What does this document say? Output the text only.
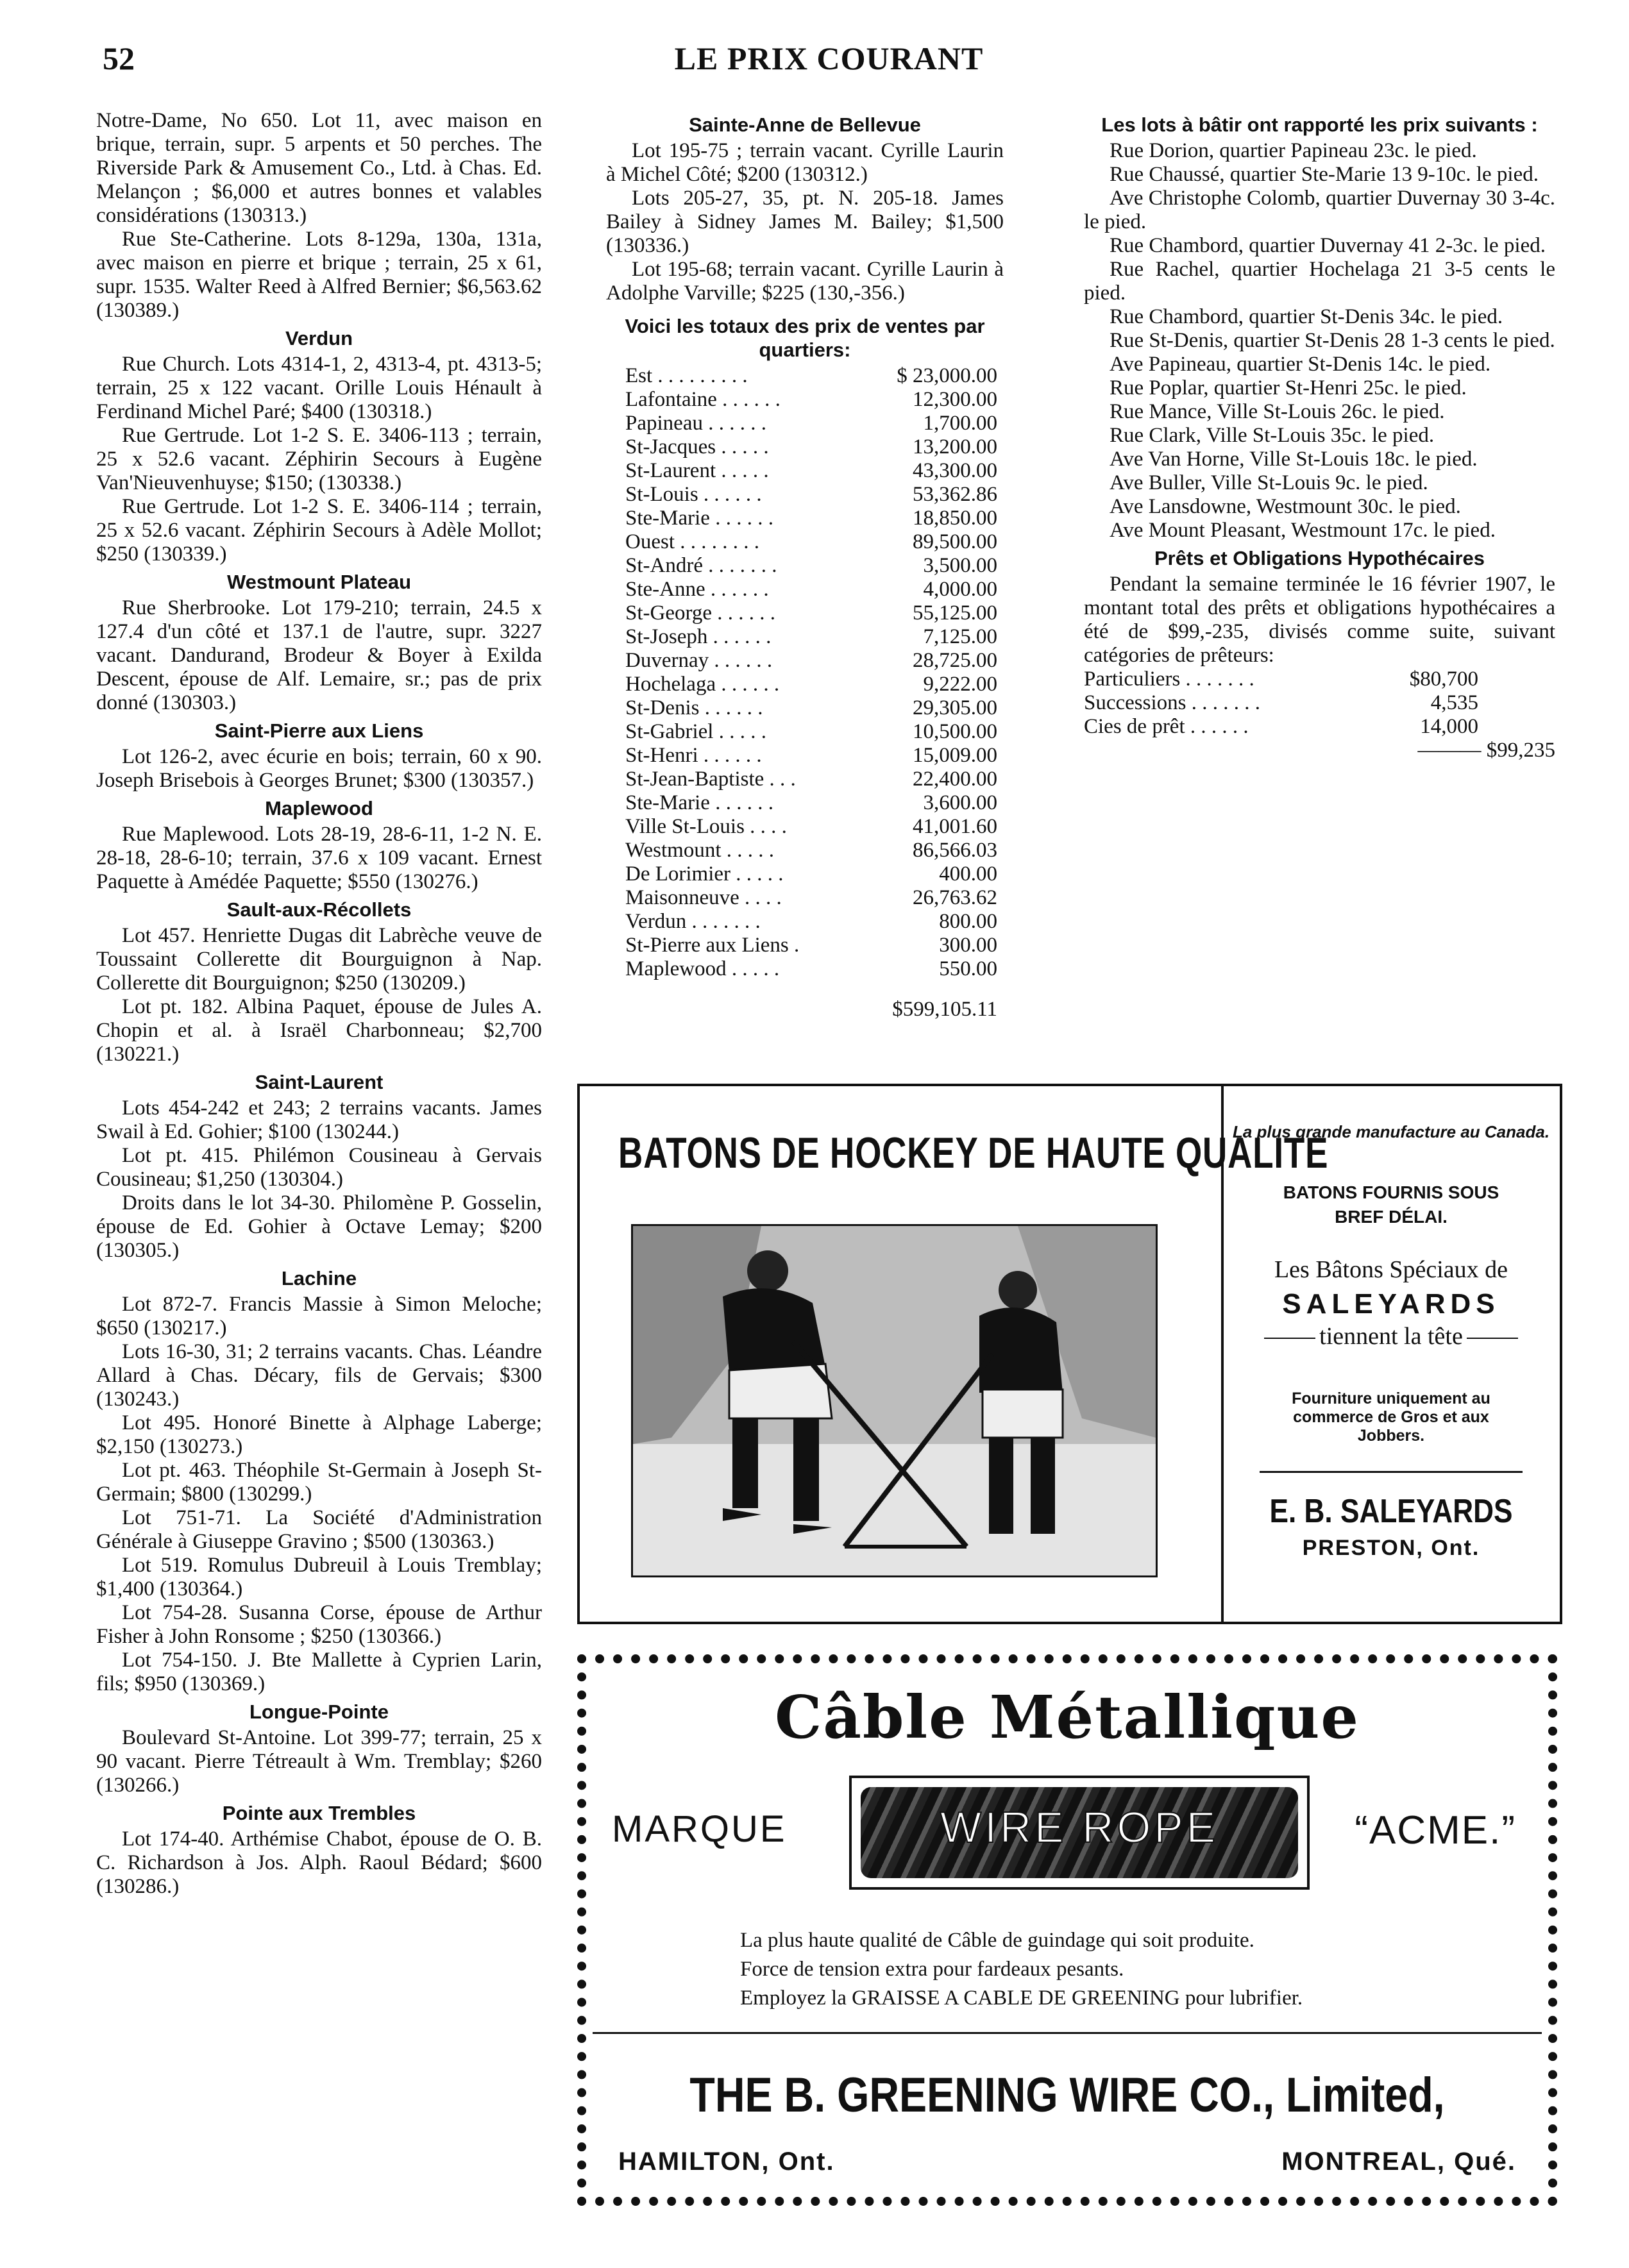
52	LE PRIX COURANT

Notre-Dame, No 650. Lot 11, avec maison en brique, terrain, supr. 5 arpents et 50 perches. The Riverside Park & Amusement Co., Ltd. à Chas. Ed. Melançon ; $6,000 et autres bonnes et valables considérations (130313.)

Rue Ste-Catherine. Lots 8-129a, 130a, 131a, avec maison en pierre et brique ; terrain, 25 x 61, supr. 1535. Walter Reed à Alfred Bernier; $6,563.62 (130389.)

Verdun

Rue Church. Lots 4314-1, 2, 4313-4, pt. 4313-5; terrain, 25 x 122 vacant. Orille Louis Hénault à Ferdinand Michel Paré; $400 (130318.)

Rue Gertrude. Lot 1-2 S. E. 3406-113 ; terrain, 25 x 52.6 vacant. Zéphirin Secours à Eugène Van'Nieuvenhuyse; $150; (130338.)

Rue Gertrude. Lot 1-2 S. E. 3406-114 ; terrain, 25 x 52.6 vacant. Zéphirin Secours à Adèle Mollot; $250 (130339.)

Westmount Plateau

Rue Sherbrooke. Lot 179-210; terrain, 24.5 x 127.4 d'un côté et 137.1 de l'autre, supr. 3227 vacant. Dandurand, Brodeur & Boyer à Exilda Descent, épouse de Alf. Lemaire, sr.; pas de prix donné (130303.)

Saint-Pierre aux Liens

Lot 126-2, avec écurie en bois; terrain, 60 x 90. Joseph Brisebois à Georges Brunet; $300 (130357.)

Maplewood

Rue Maplewood. Lots 28-19, 28-6-11, 1-2 N. E. 28-18, 28-6-10; terrain, 37.6 x 109 vacant. Ernest Paquette à Amédée Paquette; $550 (130276.)

Sault-aux-Récollets

Lot 457. Henriette Dugas dit Labrèche veuve de Toussaint Collerette dit Bourguignon à Nap. Collerette dit Bourguignon; $250 (130209.)

Lot pt. 182. Albina Paquet, épouse de Jules A. Chopin et al. à Israël Charbonneau; $2,700 (130221.)

Saint-Laurent

Lots 454-242 et 243; 2 terrains vacants. James Swail à Ed. Gohier; $100 (130244.)

Lot pt. 415. Philémon Cousineau à Gervais Cousineau; $1,250 (130304.)

Droits dans le lot 34-30. Philomène P. Gosselin, épouse de Ed. Gohier à Octave Lemay; $200 (130305.)

Lachine

Lot 872-7. Francis Massie à Simon Meloche; $650 (130217.)

Lots 16-30, 31; 2 terrains vacants. Chas. Léandre Allard à Chas. Décary, fils de Gervais; $300 (130243.)

Lot 495. Honoré Binette à Alphage Laberge; $2,150 (130273.)

Lot pt. 463. Théophile St-Germain à Joseph St-Germain; $800 (130299.)

Lot 751-71. La Société d'Administration Générale à Giuseppe Gravino ; $500 (130363.)

Lot 519. Romulus Dubreuil à Louis Tremblay; $1,400 (130364.)

Lot 754-28. Susanna Corse, épouse de Arthur Fisher à John Ronsome ; $250 (130366.)

Lot 754-150. J. Bte Mallette à Cyprien Larin, fils; $950 (130369.)

Longue-Pointe

Boulevard St-Antoine. Lot 399-77; terrain, 25 x 90 vacant. Pierre Tétreault à Wm. Tremblay; $260 (130266.)

Pointe aux Trembles

Lot 174-40. Arthémise Chabot, épouse de O. B. C. Richardson à Jos. Alph. Raoul Bédard; $600 (130286.)

Sainte-Anne de Bellevue

Lot 195-75 ; terrain vacant. Cyrille Laurin à Michel Côté; $200 (130312.)

Lots 205-27, 35, pt. N. 205-18. James Bailey à Sidney James M. Bailey; $1,500 (130336.)

Lot 195-68; terrain vacant. Cyrille Laurin à Adolphe Varville; $225 (130,-356.)

Voici les totaux des prix de ventes par quartiers:
Est . . . . . . . . .	$ 23,000.00
Lafontaine . . . . . .	12,300.00
Papineau . . . . . .	1,700.00
St-Jacques . . . . .	13,200.00
St-Laurent . . . . .	43,300.00
St-Louis . . . . . .	53,362.86
Ste-Marie . . . . . .	18,850.00
Ouest . . . . . . . .	89,500.00
St-André . . . . . . .	3,500.00
Ste-Anne . . . . . .	4,000.00
St-George . . . . . .	55,125.00
St-Joseph . . . . . .	7,125.00
Duvernay . . . . . .	28,725.00
Hochelaga . . . . . .	9,222.00
St-Denis . . . . . .	29,305.00
St-Gabriel . . . . .	10,500.00
St-Henri . . . . . .	15,009.00
St-Jean-Baptiste . . .	22,400.00
Ste-Marie . . . . . .	3,600.00
Ville St-Louis . . . .	41,001.60
Westmount . . . . .	86,566.03
De Lorimier . . . . .	400.00
Maisonneuve . . . .	26,763.62
Verdun . . . . . . .	800.00
St-Pierre aux Liens .	300.00
Maplewood . . . . .	550.00
$599,105.11
Les lots à bâtir ont rapporté les prix suivants :

Rue Dorion, quartier Papineau 23c. le pied.

Rue Chaussé, quartier Ste-Marie 13 9-10c. le pied.

Ave Christophe Colomb, quartier Duvernay 30 3-4c. le pied.

Rue Chambord, quartier Duvernay 41 2-3c. le pied.

Rue Rachel, quartier Hochelaga 21 3-5 cents le pied.

Rue Chambord, quartier St-Denis 34c. le pied.

Rue St-Denis, quartier St-Denis 28 1-3 cents le pied.

Ave Papineau, quartier St-Denis 14c. le pied.

Rue Poplar, quartier St-Henri 25c. le pied.

Rue Mance, Ville St-Louis 26c. le pied.

Rue Clark, Ville St-Louis 35c. le pied.

Ave Van Horne, Ville St-Louis 18c. le pied.

Ave Buller, Ville St-Louis 9c. le pied.

Ave Lansdowne, Westmount 30c. le pied.

Ave Mount Pleasant, Westmount 17c. le pied.

Prêts et Obligations Hypothécaires

Pendant la semaine terminée le 16 février 1907, le montant total des prêts et obligations hypothécaires a été de $99,-235, divisés comme suite, suivant catégories de prêteurs:

Particuliers . . . . . . .	$80,700
Successions . . . . . . .	4,535
Cies de prêt . . . . . .	14,000
——— $99,235
BATONS DE HOCKEY DE HAUTE QUALITE
La plus grande manufacture au Canada.
BATONS FOURNIS SOUS BREF DÉLAI.
Les Bâtons Spéciaux de
SALEYARDS
tiennent la tête
Fourniture uniquement au commerce de Gros et aux Jobbers.
E. B. SALEYARDS
PRESTON, Ont.
Câble Métallique
MARQUE	WIRE ROPE	“ACME.”
La plus haute qualité de Câble de guindage qui soit produite.
Force de tension extra pour fardeaux pesants.
Employez la GRAISSE A CABLE DE GREENING pour lubrifier.
THE B. GREENING WIRE CO., Limited,
HAMILTON, Ont.	MONTREAL, Qué.
